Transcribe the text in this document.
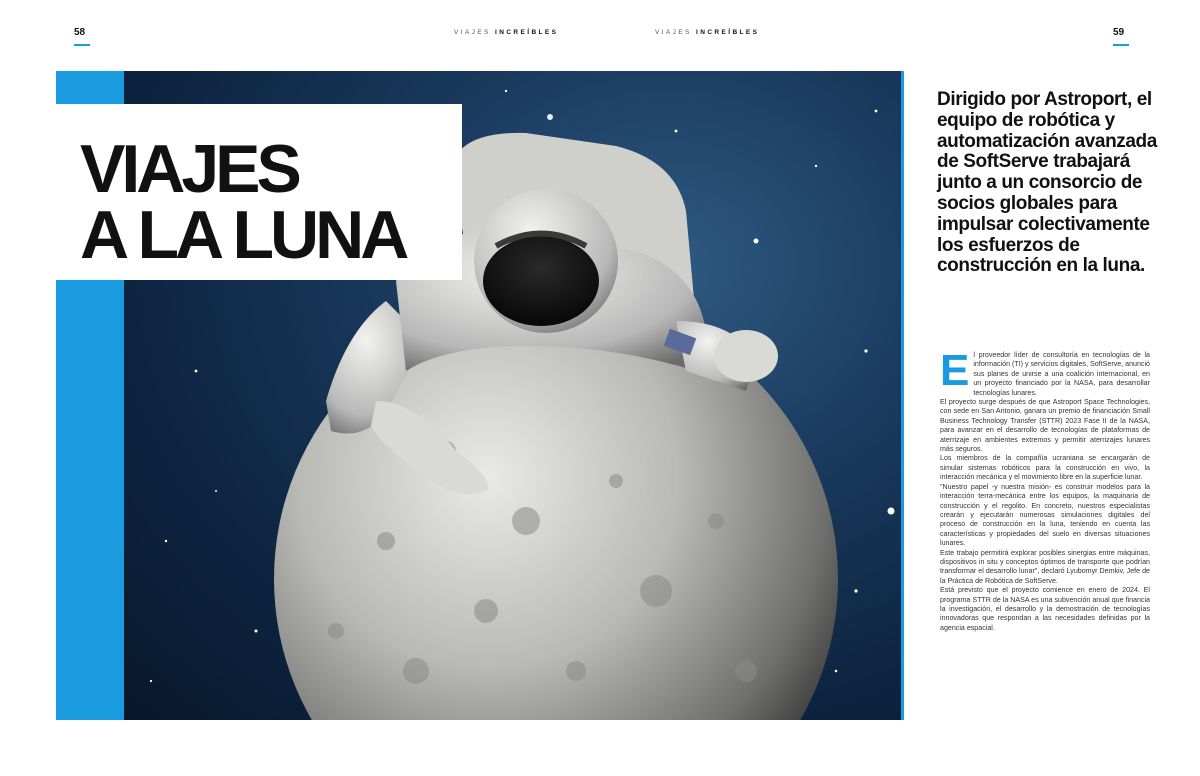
58	59
VIAJES INCREÍBLES	VIAJES INCREÍBLES
VIAJES
A LA LUNA

Dirigido por Astroport, el equipo de robótica y automatización avanzada de SoftServe trabajará junto a un consorcio de socios globales para impulsar colectivamente los esfuerzos de construcción en la luna.

El proveedor líder de consultoría en tecnologías de la información (TI) y servicios digitales, SoftServe, anunció sus planes de unirse a una coalición internacional, en un proyecto financiado por la NASA, para desarrollar tecnologías lunares.

El proyecto surge después de que Astroport Space Technologies, con sede en San Antonio, ganara un premio de financiación Small Business Technology Transfer (STTR) 2023 Fase II de la NASA, para avanzar en el desarrollo de tecnologías de plataformas de aterrizaje en ambientes extremos y permitir aterrizajes lunares más seguros.

Los miembros de la compañía ucraniana se encargarán de simular sistemas robóticos para la construcción en vivo, la interacción mecánica y el movimiento libre en la superficie lunar.

"Nuestro papel -y nuestra misión- es construir modelos para la interacción terra-mecánica entre los equipos, la maquinaria de construcción y el regolito. En concreto, nuestros especialistas crearán y ejecutarán numerosas simulaciones digitales del proceso de construcción en la luna, teniendo en cuenta las características y propiedades del suelo en diversas situaciones lunares.

Este trabajo permitirá explorar posibles sinergias entre máquinas, dispositivos in situ y conceptos óptimos de transporte que podrían transformar el desarrollo lunar", declaró Lyubomyr Demkiv, Jefe de la Práctica de Robótica de SoftServe.

Está previsto que el proyecto comience en enero de 2024. El programa STTR de la NASA es una subvención anual que financia la investigación, el desarrollo y la demostración de tecnologías innovadoras que respondan a las necesidades definidas por la agencia espacial.
